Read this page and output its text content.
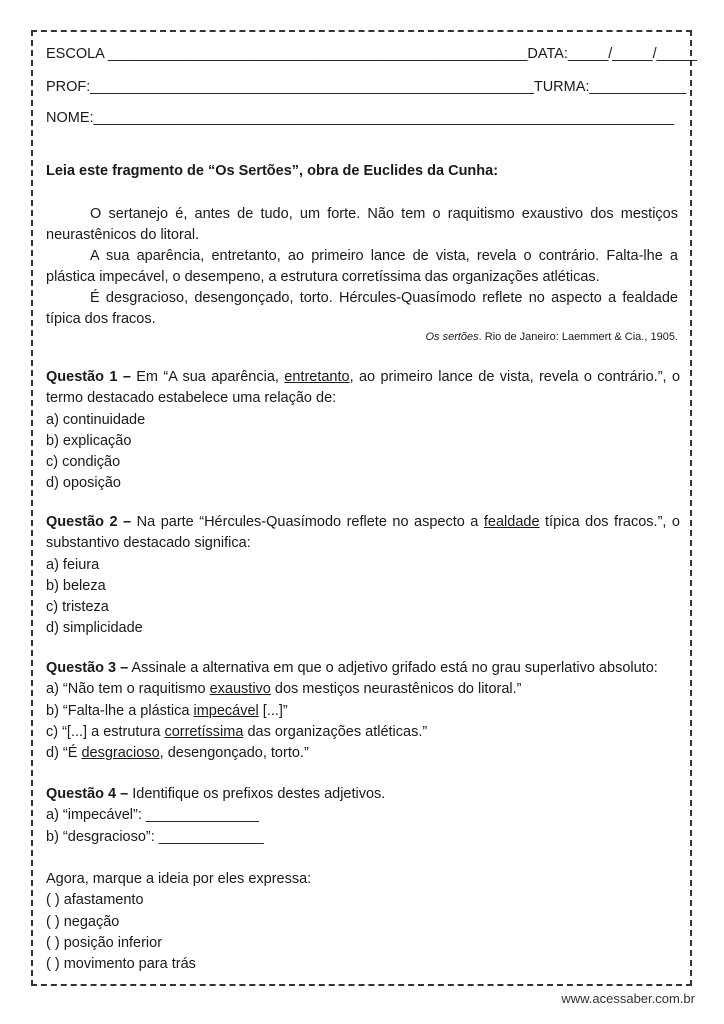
ESCOLA ____________________________________________________DATA:_____/_____/_____
PROF:_______________________________________________________TURMA:____________
NOME:________________________________________________________________________
Leia este fragmento de “Os Sertões”, obra de Euclides da Cunha:
O sertanejo é, antes de tudo, um forte. Não tem o raquitismo exaustivo dos mestiços neurastênicos do litoral.
A sua aparência, entretanto, ao primeiro lance de vista, revela o contrário. Falta-lhe a plástica impecável, o desempeno, a estrutura corretíssima das organizações atléticas.
É desgracioso, desengonçado, torto. Hércules-Quasímodo reflete no aspecto a fealdade típica dos fracos.
Os sertões. Rio de Janeiro: Laemmert & Cia., 1905.
Questão 1 – Em “A sua aparência, entretanto, ao primeiro lance de vista, revela o contrário.”, o termo destacado estabelece uma relação de:
a) continuidade
b) explicação
c) condição
d) oposição
Questão 2 – Na parte “Hércules-Quasímodo reflete no aspecto a fealdade típica dos fracos.”, o substantivo destacado significa:
a) feiura
b) beleza
c) tristeza
d) simplicidade
Questão 3 – Assinale a alternativa em que o adjetivo grifado está no grau superlativo absoluto:
a) “Não tem o raquitismo exaustivo dos mestiços neurastênicos do litoral.”
b) “Falta-lhe a plástica impecável [...]”
c) “[...] a estrutura corretíssima das organizações atléticas.”
d) “É desgracioso, desengonçado, torto.”
Questão 4 – Identifique os prefixos destes adjetivos.
a) “impecável”: ______________
b) “desgracioso”: _____________
Agora, marque a ideia por eles expressa:
( ) afastamento
( ) negação
( ) posição inferior
( ) movimento para trás
www.acessaber.com.br
